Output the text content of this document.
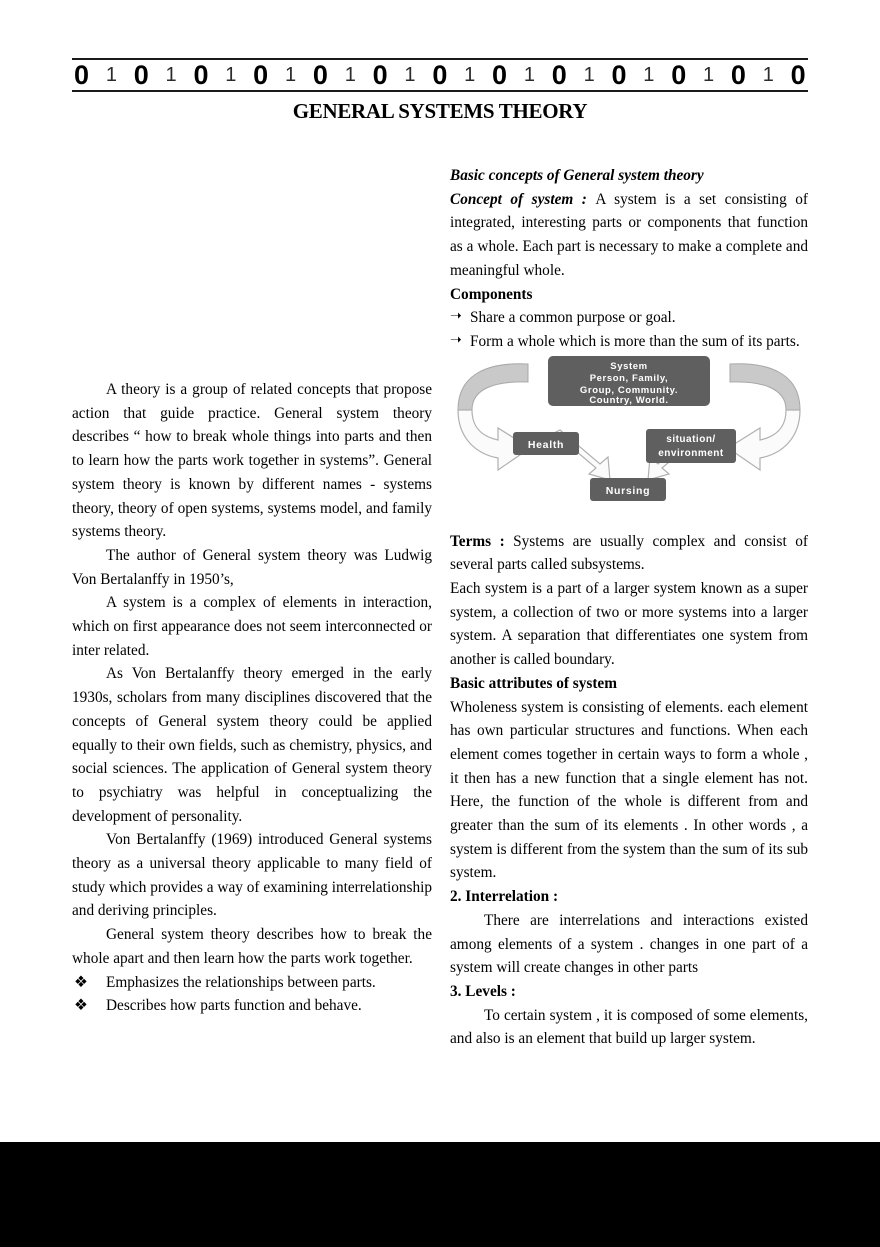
0 1 0 1 0 1 0 1 0 1 0 1 0 1 0 1 0 1 0 1 0 1 0 1 0
GENERAL SYSTEMS THEORY

A theory is a group of related concepts that propose action that guide practice. General system theory describes “ how to break whole things into parts and then to learn how the parts work together in systems”. General system theory is known by different names - systems theory, theory of open systems, systems model, and family systems theory.

The author of General system theory was Ludwig Von Bertalanffy in 1950’s,

A system is a complex of elements in interaction, which on first appearance does not seem interconnected or inter related.

As Von Bertalanffy theory emerged in the early 1930s, scholars from many disciplines discovered that the concepts of General system theory could be applied equally to their own fields, such as chemistry, physics, and social sciences. The application of General system theory to psychiatry was helpful in conceptualizing the development of personality.

Von Bertalanffy (1969) introduced General systems theory as a universal theory applicable to many field of study which provides a way of examining interrelationship and deriving principles.

General system theory describes how to break the whole apart and then learn how the parts work together.

❖ Emphasizes the relationships between parts.
❖ Describes how parts function and behave.

Basic concepts of General system theory

Concept of system : A system is a set consisting of integrated, interesting parts or components that function as a whole. Each part is necessary to make a complete and meaningful whole.

Components

➝ Share a common purpose or goal.
➝ Form a whole which is more than the sum of its parts.

Terms : Systems are usually complex and consist of several parts called subsystems.

Each system is a part of a larger system known as a super system, a collection of two or more systems into a larger system. A separation that differentiates one system from another is called boundary.

Basic attributes of system

Wholeness system is consisting of elements. each element has own particular structures and functions. When each element comes together in certain ways to form a whole , it then has a new function that a single element has not. Here, the function of the whole is different from and greater than the sum of its elements . In other words , a system is different from the system than the sum of its sub system.

2. Interrelation :

There are interrelations and interactions existed among elements of a system . changes in one part of a system will create changes in other parts

3. Levels :

To certain system , it is composed of some elements, and also is an element that build up larger system.

System
Person, Family,
Group, Community.
Country, World.
Health	situation/
environment
Nursing
